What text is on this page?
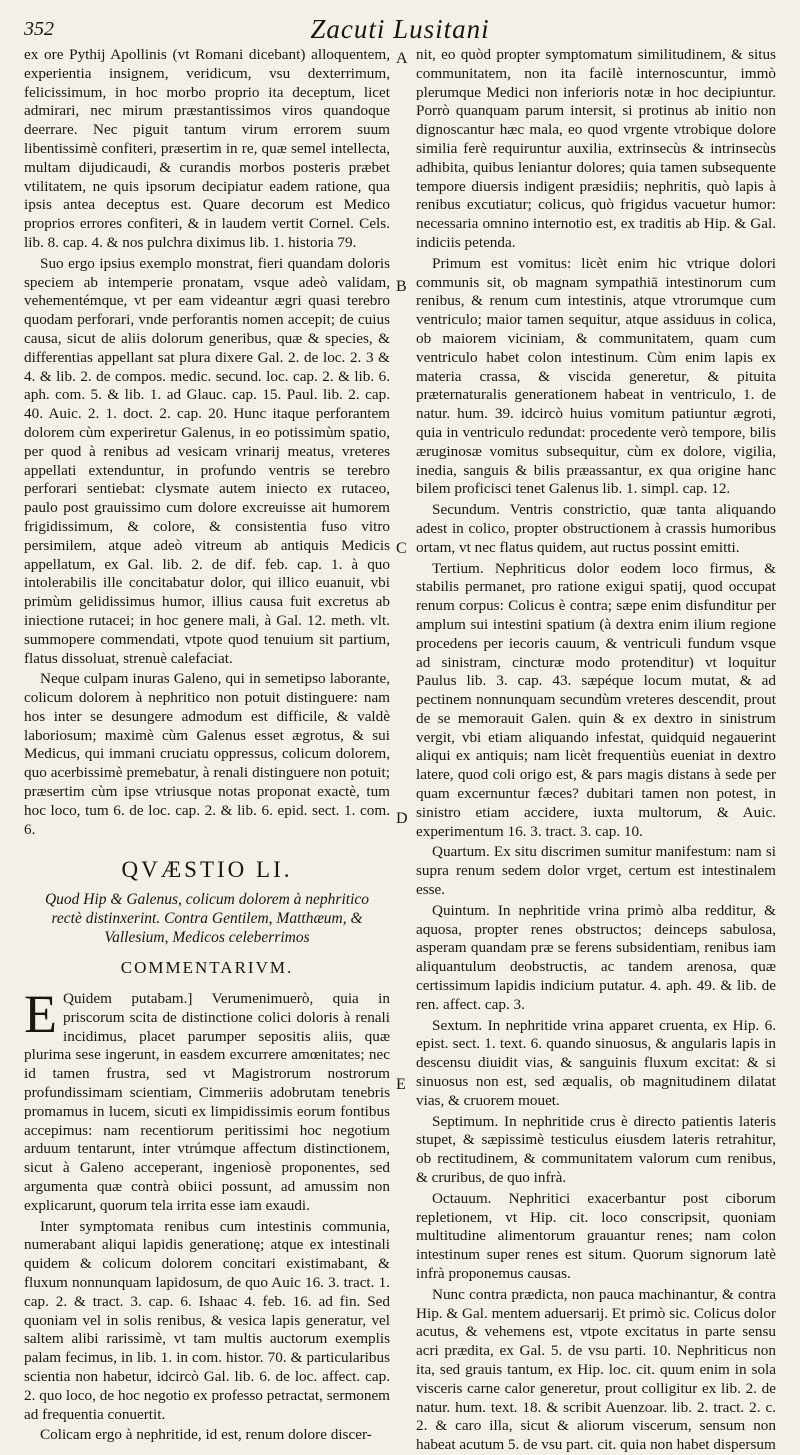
352	Zacuti Lusitani
A
B
C
D
E

ex ore Pythij Apollinis (vt Romani dicebant) alloquentem, experientia insignem, veridicum, vsu dexterrimum, felicissimum, in hoc morbo proprio ita deceptum, licet admirari, nec mirum præstantissimos viros quandoque deerrare. Nec piguit tantum virum errorem suum libentissimè confiteri, præsertim in re, quæ semel intellecta, multam dijudicaudi, & curandis morbos posteris præbet vtilitatem, ne quis ipsorum decipiatur eadem ratione, qua ipsis antea deceptus est. Quare decorum est Medico proprios errores confiteri, & in laudem vertit Cornel. Cels. lib. 8. cap. 4. & nos pulchra diximus lib. 1. historia 79.

Suo ergo ipsius exemplo monstrat, fieri quandam doloris speciem ab intemperie pronatam, vsque adeò validam, vehementémque, vt per eam videantur ægri quasi terebro quodam perforari, vnde perforantis nomen accepit; de cuius causa, sicut de aliis dolorum generibus, quæ & species, & differentias appellant sat plura dixere Gal. 2. de loc. 2. 3 & 4. & lib. 2. de compos. medic. secund. loc. cap. 2. & lib. 6. aph. com. 5. & lib. 1. ad Glauc. cap. 15. Paul. lib. 2. cap. 40. Auic. 2. 1. doct. 2. cap. 20. Hunc itaque perforantem dolorem cùm experiretur Galenus, in eo potissimùm spatio, per quod à renibus ad vesicam vrinarij meatus, vreteres appellati extenduntur, in profundo ventris se terebro perforari sentiebat: clysmate autem iniecto ex rutaceo, paulo post grauissimo cum dolore excreuisse ait humorem frigidissimum, & colore, & consistentia fuso vitro persimilem, atque adeò vitreum ab antiquis Medicis appellatum, ex Gal. lib. 2. de dif. feb. cap. 1. à quo intolerabilis ille concitabatur dolor, qui illico euanuit, vbi primùm gelidissimus humor, illius causa fuit excretus ab iniectione rutacei; in hoc genere mali, à Gal. 12. meth. vlt. summopere commendati, vtpote quod tenuium sit partium, flatus dissoluat, strenuè calefaciat.

Neque culpam inuras Galeno, qui in semetipso laborante, colicum dolorem à nephritico non potuit distinguere: nam hos inter se desungere admodum est difficile, & valdè laboriosum; maximè cùm Galenus esset ægrotus, & sui Medicus, qui immani cruciatu oppressus, colicum dolorem, quo acerbissimè premebatur, à renali distinguere non potuit; præsertim cùm ipse vtriusque notas proponat exactè, tum hoc loco, tum 6. de loc. cap. 2. & lib. 6. epid. sect. 1. com. 6.

QVÆSTIO LI.
Quod Hip & Galenus, colicum dolorem à nephritico rectè distinxerint. Contra Gentilem, Matthæum, & Vallesium, Medicos celeberrimos
COMMENTARIVM.

E Quidem putabam.] Verumenimuerò, quia in priscorum scita de distinctione colici doloris à renali incidimus, placet parumper sepositis aliis, quæ plurima sese ingerunt, in easdem excurrere amœnitates; nec id tamen frustra, sed vt Magistrorum nostrorum profundissimam scientiam, Cimmeriis adobrutam tenebris promamus in lucem, sicuti ex limpidissimis eorum fontibus accepimus: nam recentiorum peritissimi hoc negotium arduum tentarunt, inter vtrúmque affectum distinctionem, sicut à Galeno acceperant, ingeniosè proponentes, sed argumenta quæ contrà obiici possunt, ad amussim non explicarunt, quorum tela irrita esse iam exaudi.

Inter symptomata renibus cum intestinis communia, numerabant aliqui lapidis generationę; atque ex intestinali quidem & colicum dolorem concitari existimabant, & fluxum nonnunquam lapidosum, de quo Auic 16. 3. tract. 1. cap. 2. & tract. 3. cap. 6. Ishaac 4. feb. 16. ad fin. Sed quoniam vel in solis renibus, & vesica lapis generatur, vel saltem alibi rarissimè, vt tam multis auctorum exemplis palam fecimus, in lib. 1. in com. histor. 70. & particularibus scientia non habetur, idcircò Gal. lib. 6. de loc. affect. cap. 2. quo loco, de hoc negotio ex professo petractat, sermonem ad frequentia conuertit.

Colicam ergo à nephritide, id est, renum dolore discer-

nit, eo quòd propter symptomatum similitudinem, & situs communitatem, non ita facilè internoscuntur, immò plerumque Medici non inferioris notæ in hoc decipiuntur. Porrò quanquam parum intersit, si protinus ab initio non dignoscantur hæc mala, eo quod vrgente vtrobique dolore similia ferè requiruntur auxilia, extrinsecùs & intrinsecùs adhibita, quibus leniantur dolores; quia tamen subsequente tempore diuersis indigent præsidiis; nephritis, quò lapis à renibus excutiatur; colicus, quò frigidus vacuetur humor: necessaria omnino internotio est, ex traditis ab Hip. & Gal. indiciis petenda.

Primum est vomitus: licèt enim hic vtrique dolori communis sit, ob magnam sympathiā intestinorum cum renibus, & renum cum intestinis, atque vtrorumque cum ventriculo; maior tamen sequitur, atque assiduus in colica, ob maiorem viciniam, & communitatem, quam cum ventriculo habet colon intestinum. Cùm enim lapis ex materia crassa, & viscida generetur, & pituita præternaturalis generationem habeat in ventriculo, 1. de natur. hum. 39. idcircò huius vomitum patiuntur ægroti, quia in ventriculo redundat: procedente verò tempore, bilis æruginosæ vomitus subsequitur, cùm ex dolore, vigilia, inedia, sanguis & bilis præassantur, ex qua origine hanc bilem proficisci tenet Galenus lib. 1. simpl. cap. 12.

Secundum. Ventris constrictio, quæ tanta aliquando adest in colico, propter obstructionem à crassis humoribus ortam, vt nec flatus quidem, aut ructus possint emitti.

Tertium. Nephriticus dolor eodem loco firmus, & stabilis permanet, pro ratione exigui spatij, quod occupat renum corpus: Colicus è contra; sæpe enim disfunditur per amplum sui intestini spatium (à dextra enim ilium regione procedens per iecoris cauum, & ventriculi fundum vsque ad sinistram, cincturæ modo protenditur) vt loquitur Paulus lib. 3. cap. 43. sæpéque locum mutat, & ad pectinem nonnunquam secundùm vreteres descendit, prout de se memorauit Galen. quin & ex dextro in sinistrum vergit, vbi etiam aliquando infestat, quidquid negauerint aliqui ex antiquis; nam licèt frequentiùs eueniat in dextro latere, quod coli origo est, & pars magis distans à sede per quam excernuntur fæces? dubitari tamen non potest, in sinistro etiam accidere, iuxta multorum, & Auic. experimentum 16. 3. tract. 3. cap. 10.

Quartum. Ex situ discrimen sumitur manifestum: nam si supra renum sedem dolor vrget, certum est intestinalem esse.

Quintum. In nephritide vrina primò alba redditur, & aquosa, propter renes obstructos; deinceps sabulosa, asperam quandam præ se ferens subsidentiam, renibus iam aliquantulum deobstructis, ac tandem arenosa, quæ certissimum lapidis indicium putatur. 4. aph. 49. & lib. de ren. affect. cap. 3.

Sextum. In nephritide vrina apparet cruenta, ex Hip. 6. epist. sect. 1. text. 6. quando sinuosus, & angularis lapis in descensu diuidit vias, & sanguinis fluxum excitat: & si sinuosus non est, sed æqualis, ob magnitudinem dilatat vias, & cruorem mouet.

Septimum. In nephritide crus è directo patientis lateris stupet, & sæpissimè testiculus eiusdem lateris retrahitur, ob rectitudinem, & communitatem valorum cum renibus, & cruribus, de quo infrà.

Octauum. Nephritici exacerbantur post ciborum repletionem, vt Hip. cit. loco conscripsit, quoniam multitudine alimentorum grauantur renes; nam colon intestinum super renes est situm. Quorum signorum latè infrà proponemus causas.

Nunc contra prædicta, non pauca machinantur, & contra Hip. & Gal. mentem aduersarij. Et primò sic. Colicus dolor acutus, & vehemens est, vtpote excitatus in parte sensu acri prædita, ex Gal. 5. de vsu parti. 10. Nephriticus non ita, sed grauis tantum, ex Hip. loc. cit. quum enim in sola visceris carne calor generetur, prout colligitur ex lib. 2. de natur. hum. text. 18. & scribit Auenzoar. lib. 2. tract. 2. c. 2. & caro illa, sicut & aliorum viscerum, sensum non habeat acutum 5. de vsu part. cit. quia non habet dispersum
